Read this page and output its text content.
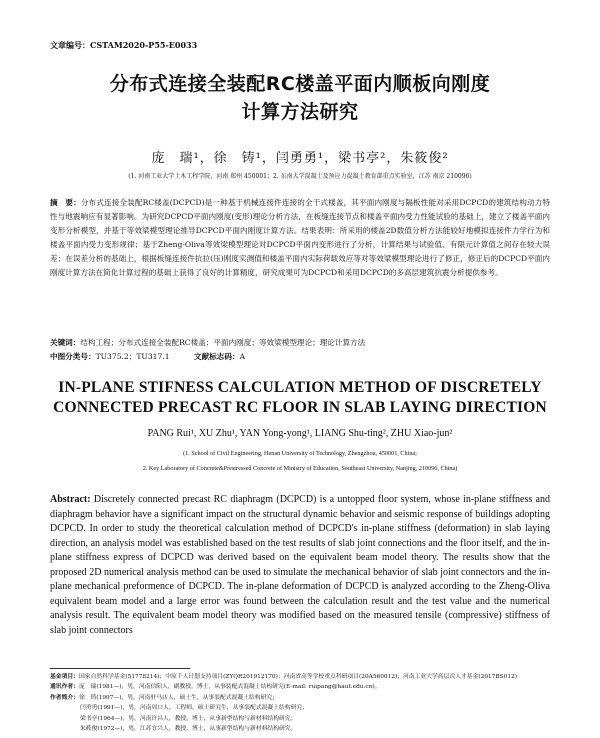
文章编号：CSTAM2020-P55-E0033
分布式连接全装配RC楼盖平面内顺板向刚度
计算方法研究
庞　瑞¹，徐　铸¹，闫勇勇¹，梁书亭²，朱筱俊²
(1. 河南工业大学土木工程学院，河南 郑州 450001；2. 东南大学混凝土及预应力混凝土教育部重点实验室，江苏 南京 210096)
摘　要：分布式连接全装配RC楼盖(DCPCD)是一种基于机械连接件连接的全干式楼盖，其平面内刚度与隔板性能对采用DCPCD的建筑结构动力特性与地震响应有显著影响。为研究DCPCD平面内刚度(变形)理论分析方法，在板缝连接节点和楼盖平面内受力性能试验的基础上，建立了楼盖平面内变形分析模型，并基于等效梁模型理论推导DCPCD平面内刚度计算方法。结果表明：所采用的楼盖2D数值分析方法能较好地模拟连接件力学行为和楼盖平面内受力变形规律；基于Zheng-Oliva等效梁模型理论对DCPCD平面内变形进行了分析，计算结果与试验值、有限元计算值之间存在较大误差；在误差分析的基础上，根据板缝连接件抗拉(压)刚度实测值和楼盖平面内实际荷载效应等对等效梁模型理论进行了修正，修正后的DCPCD平面内刚度计算方法在简化计算过程的基础上获得了良好的计算精度，研究成果可为DCPCD和采用DCPCD的多高层建筑抗震分析提供参考。
关键词：结构工程；分布式连接全装配RC楼盖；平面内刚度；等效梁模型理论；理论计算方法
中图分类号：TU375.2；TU317.1	文献标志码：A
IN-PLANE STIFNESS CALCULATION METHOD OF DISCRETELY
CONNECTED PRECAST RC FLOOR IN SLAB LAYING DIRECTION
PANG Rui¹, XU Zhu¹, YAN Yong-yong¹, LIANG Shu-ting², ZHU Xiao-jun²
(1. School of Civil Engineering, Henan University of Technology, Zhengzhou, 450001, China;
2. Key Laboratory of Concrete&Prestressed Concrete of Ministry of Education, Southeast University, Nanjing, 210096, China)
Abstract: Discretely connected precast RC diaphragm (DCPCD) is a untopped floor system, whose in-plane stiffness and diaphragm behavior have a significant impact on the structural dynamic behavior and seismic response of buildings adopting DCPCD. In order to study the theoretical calculation method of DCPCD's in-plane stiffness (deformation) in slab laying direction, an analysis model was established based on the test results of slab joint connections and the floor itself, and the in-plane stiffness express of DCPCD was derived based on the equivalent beam model theory. The results show that the proposed 2D numerical analysis method can be used to simulate the mechanical behavior of slab joint connectors and the in-plane mechanical preformence of DCPCD. The in-plane deformation of DCPCD is analyzed according to the Zheng-Oliva equivalent beam model and a large error was found between the calculation result and the test value and the numerical analysis result. The equivalent beam model theory was modified based on the measured tensile (compressive) stiffness of slab joint connectors
基金项目：国家自然科学基金(51778214)；中原千人计划支持项目(ZYQR201912170)；河南省高等学校重点科研项目(20A560012)；河南工业大学高层次人才基金(2017BS012)
通讯作者：庞　瑞(1981—)，男，河南信阳人，副教授，博士，从事装配式混凝土结构研究(E-mail: ruipang@haut.edu.cn)。
作者简介：徐　铸(1997—)，男，河南驻马店人，硕士生，从事装配式混凝土结构研究；
闫勇勇(1991—)，男，河南周口人，工程师，硕士研究生，从事装配式混凝土结构研究；
梁书亭(1964—)，男，河南许昌人，教授，博士，从事新型结构与新材料结构研究；
朱筱俊(1972—)，男，江苏宜兴人，教授，博士，从事新型结构与新材料结构研究。
